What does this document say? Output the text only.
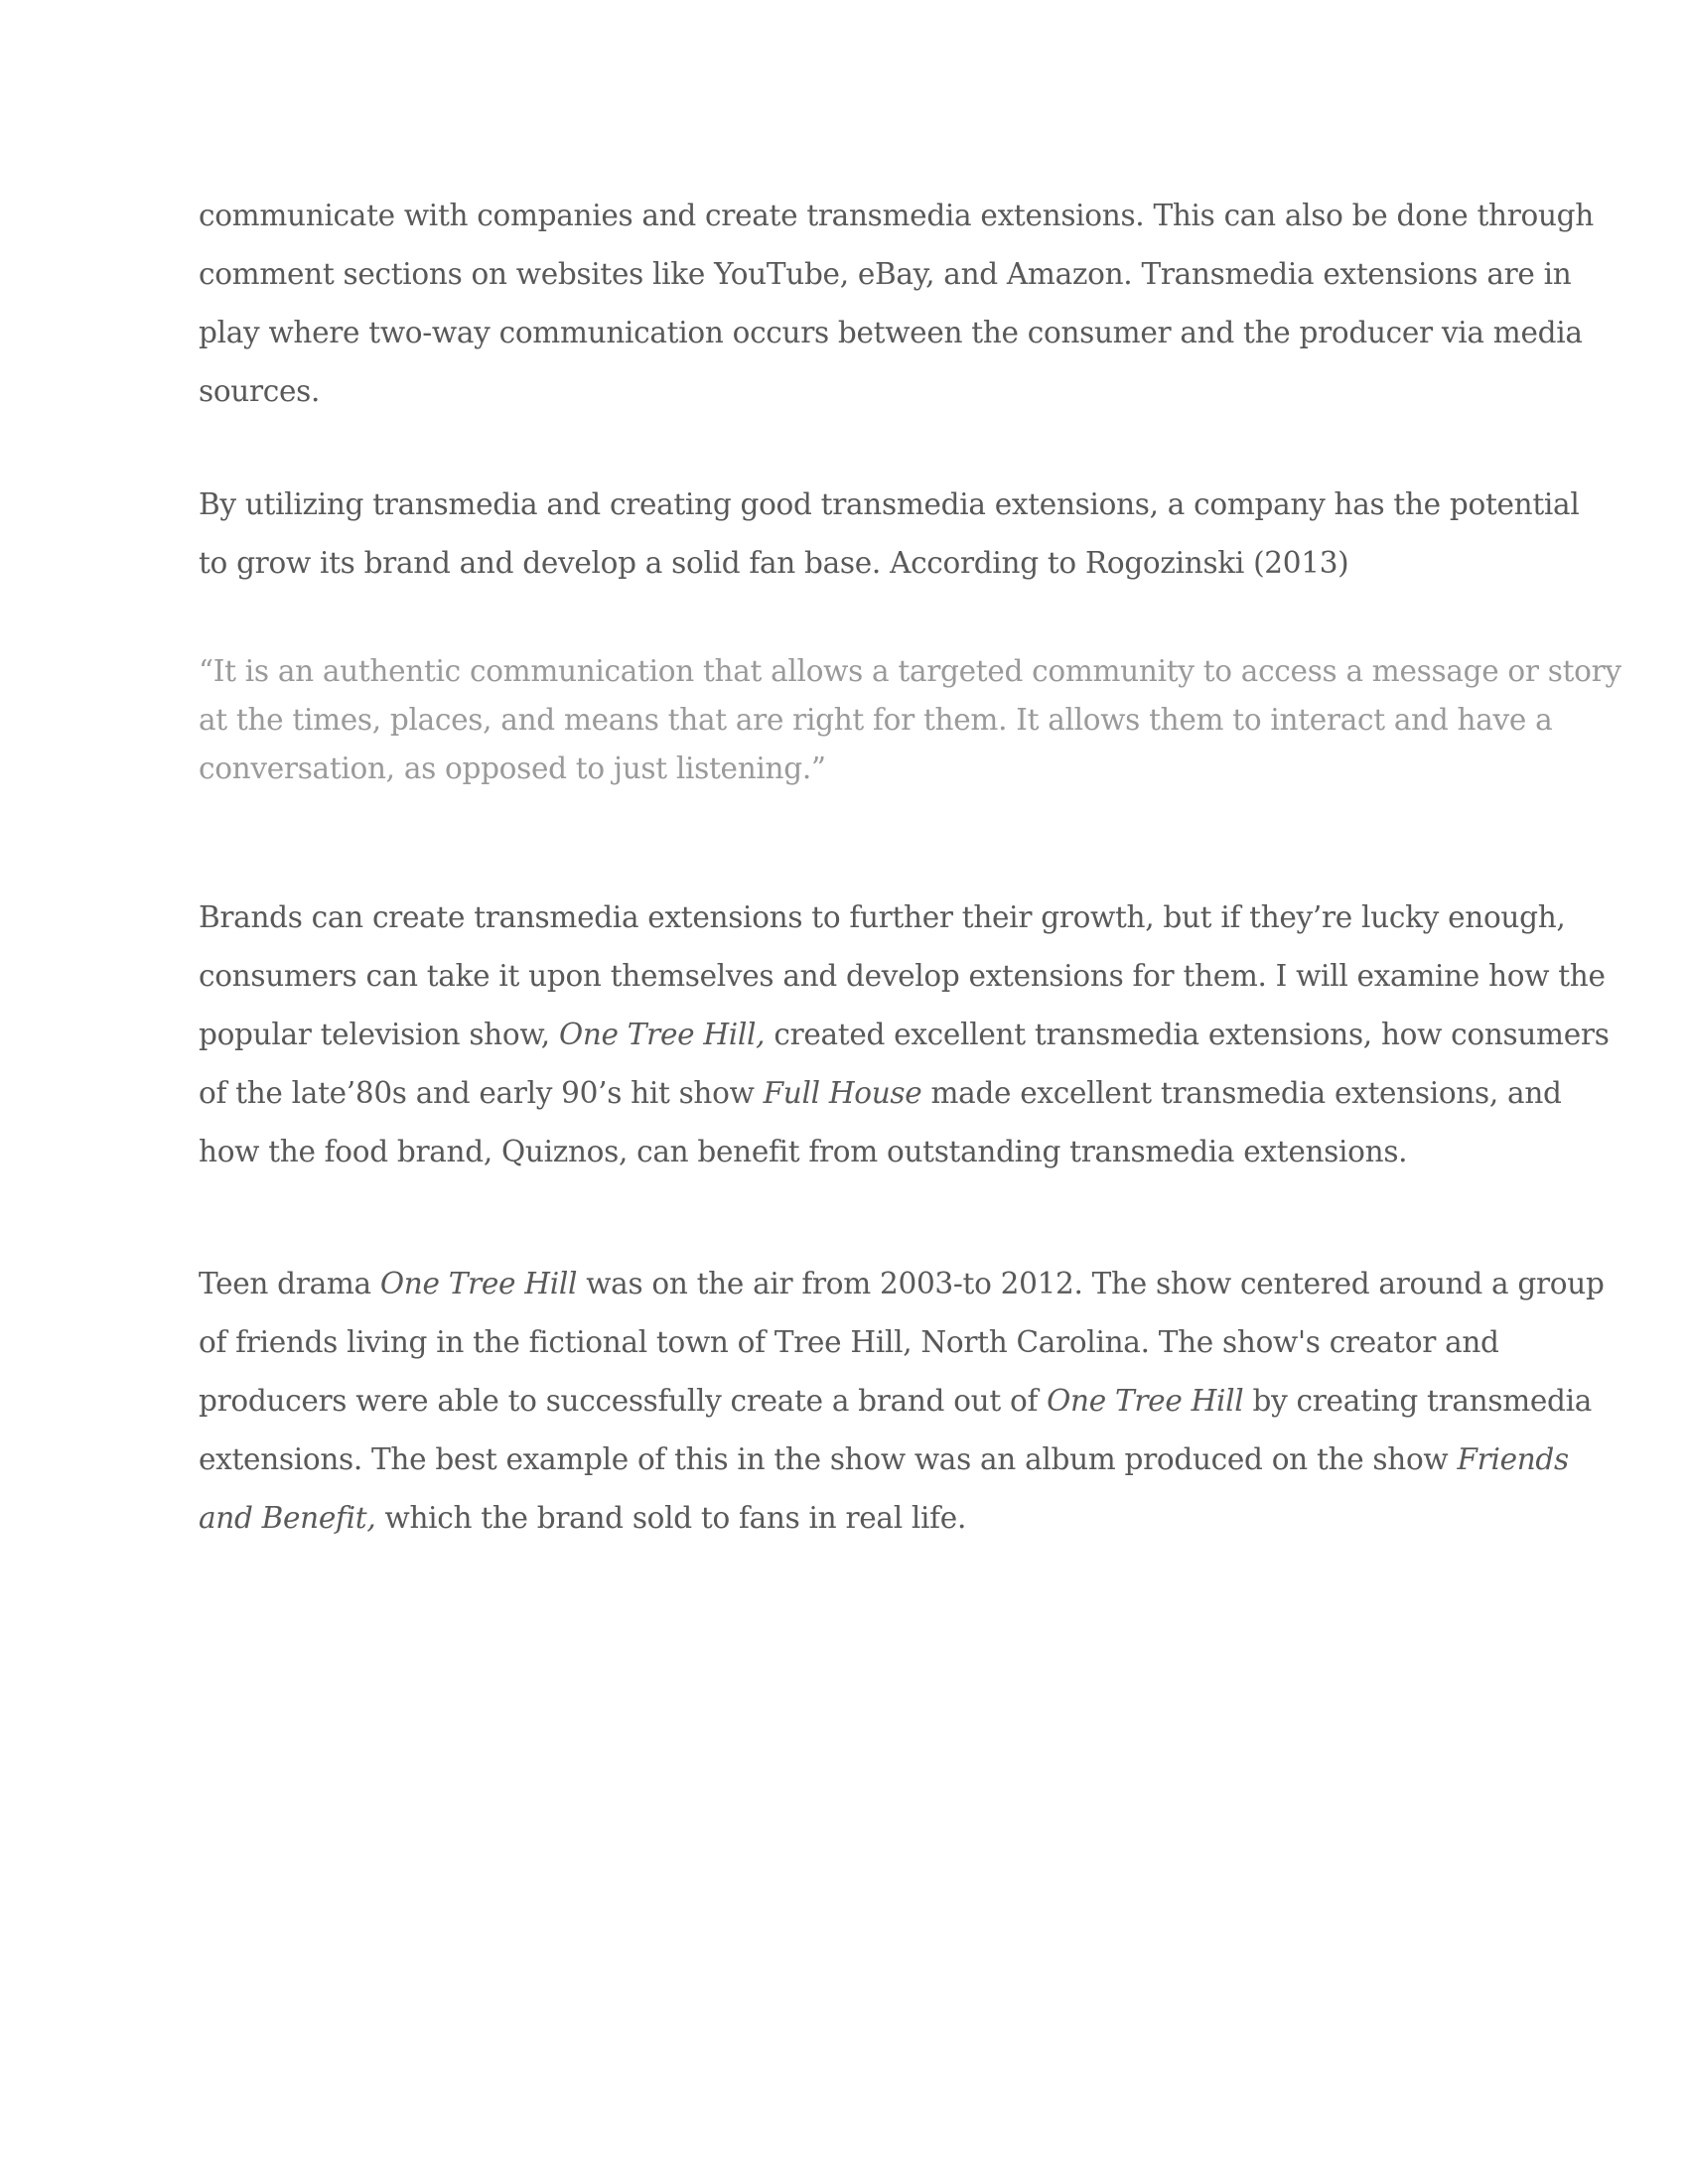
communicate with companies and create transmedia extensions. This can also be done through
comment sections on websites like YouTube, eBay, and Amazon. Transmedia extensions are in
play where two-way communication occurs between the consumer and the producer via media
sources.

By utilizing transmedia and creating good transmedia extensions, a company has the potential
to grow its brand and develop a solid fan base. According to Rogozinski (2013)

“It is an authentic communication that allows a targeted community to access a message or story
at the times, places, and means that are right for them. It allows them to interact and have a
conversation, as opposed to just listening.”

Brands can create transmedia extensions to further their growth, but if they’re lucky enough,
consumers can take it upon themselves and develop extensions for them. I will examine how the
popular television show, One Tree Hill, created excellent transmedia extensions, how consumers
of the late’80s and early 90’s hit show Full House made excellent transmedia extensions, and
how the food brand, Quiznos, can benefit from outstanding transmedia extensions.

Teen drama One Tree Hill was on the air from 2003-to 2012. The show centered around a group
of friends living in the fictional town of Tree Hill, North Carolina. The show's creator and
producers were able to successfully create a brand out of One Tree Hill by creating transmedia
extensions. The best example of this in the show was an album produced on the show Friends
and Benefit, which the brand sold to fans in real life.
